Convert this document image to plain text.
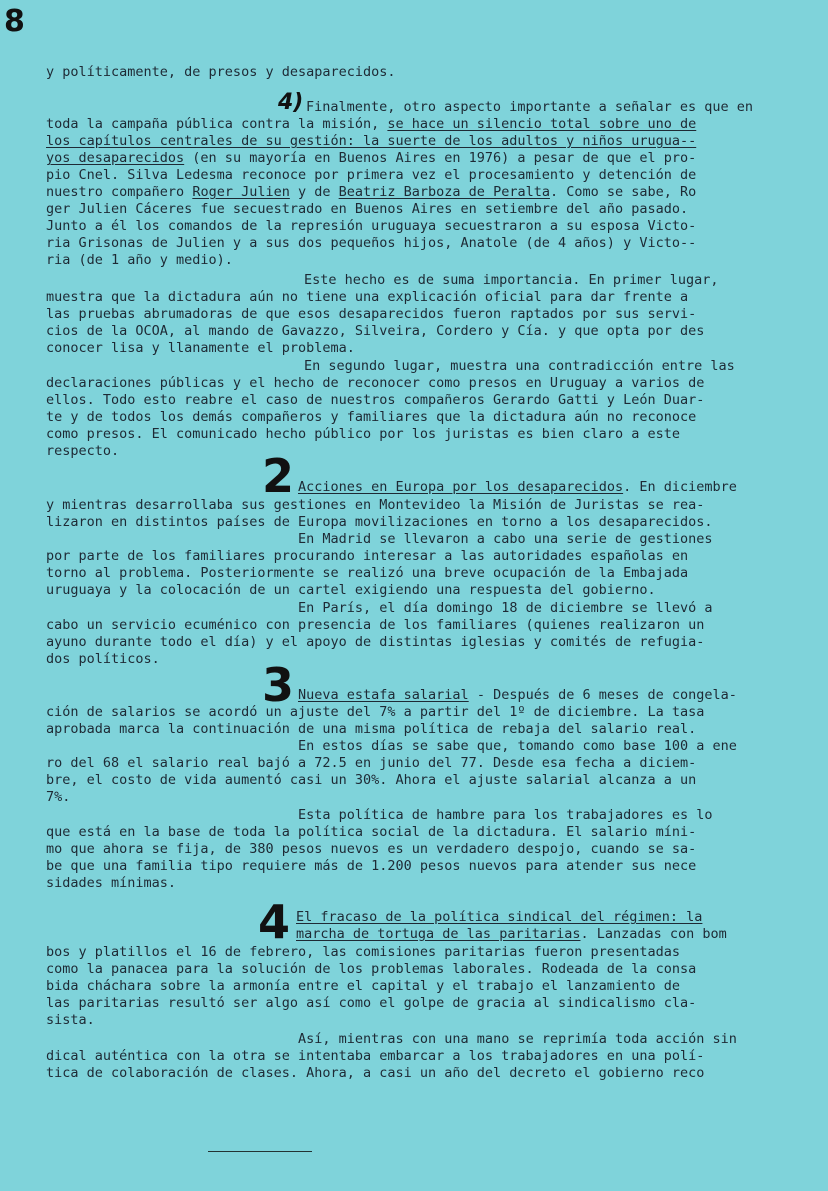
8
y políticamente, de presos y desaparecidos.
4) Finalmente, otro aspecto importante a señalar es que en
toda la campaña pública contra la misión, se hace un silencio total sobre uno de
los capítulos centrales de su gestión: la suerte de los adultos y niños urugua--
yos desaparecidos (en su mayoría en Buenos Aires en 1976) a pesar de que el pro-
pio Cnel. Silva Ledesma reconoce por primera vez el procesamiento y detención de
nuestro compañero Roger Julien y de Beatriz Barboza de Peralta. Como se sabe, Ro
ger Julien Cáceres fue secuestrado en Buenos Aires en setiembre del año pasado.
Junto a él los comandos de la represión uruguaya secuestraron a su esposa Victo-
ria Grisonas de Julien y a sus dos pequeños hijos, Anatole (de 4 años) y Victo--
ria (de 1 año y medio).
Este hecho es de suma importancia. En primer lugar,
muestra que la dictadura aún no tiene una explicación oficial para dar frente a
las pruebas abrumadoras de que esos desaparecidos fueron raptados por sus servi-
cios de la OCOA, al mando de Gavazzo, Silveira, Cordero y Cía. y que opta por des
conocer lisa y llanamente el problema.
En segundo lugar, muestra una contradicción entre las
declaraciones públicas y el hecho de reconocer como presos en Uruguay a varios de
ellos. Todo esto reabre el caso de nuestros compañeros Gerardo Gatti y León Duar-
te y de todos los demás compañeros y familiares que la dictadura aún no reconoce
como presos. El comunicado hecho público por los juristas es bien claro a este
respecto.	2 Acciones en Europa por los desaparecidos. En diciembre
y mientras desarrollaba sus gestiones en Montevideo la Misión de Juristas se rea-
lizaron en distintos países de Europa movilizaciones en torno a los desaparecidos.
En Madrid se llevaron a cabo una serie de gestiones
por parte de los familiares procurando interesar a las autoridades españolas en
torno al problema. Posteriormente se realizó una breve ocupación de la Embajada
uruguaya y la colocación de un cartel exigiendo una respuesta del gobierno.
En París, el día domingo 18 de diciembre se llevó a
cabo un servicio ecuménico con presencia de los familiares (quienes realizaron un
ayuno durante todo el día) y el apoyo de distintas iglesias y comités de refugia-
dos políticos.	3 Nueva estafa salarial - Después de 6 meses de congela-
ción de salarios se acordó un ajuste del 7% a partir del 1º de diciembre. La tasa
aprobada marca la continuación de una misma política de rebaja del salario real.
En estos días se sabe que, tomando como base 100 a ene
ro del 68 el salario real bajó a 72.5 en junio del 77. Desde esa fecha a diciem-
bre, el costo de vida aumentó casi un 30%. Ahora el ajuste salarial alcanza a un
7%.
Esta política de hambre para los trabajadores es lo
que está en la base de toda la política social de la dictadura. El salario míni-
mo que ahora se fija, de 380 pesos nuevos es un verdadero despojo, cuando se sa-
be que una familia tipo requiere más de 1.200 pesos nuevos para atender sus nece
sidades mínimas.
4 El fracaso de la política sindical del régimen: la
marcha de tortuga de las paritarias. Lanzadas con bom
bos y platillos el 16 de febrero, las comisiones paritarias fueron presentadas
como la panacea para la solución de los problemas laborales. Rodeada de la consa
bida cháchara sobre la armonía entre el capital y el trabajo el lanzamiento de
las paritarias resultó ser algo así como el golpe de gracia al sindicalismo cla-
sista.
Así, mientras con una mano se reprimía toda acción sin
dical auténtica con la otra se intentaba embarcar a los trabajadores en una polí-
tica de colaboración de clases. Ahora, a casi un año del decreto el gobierno reco
